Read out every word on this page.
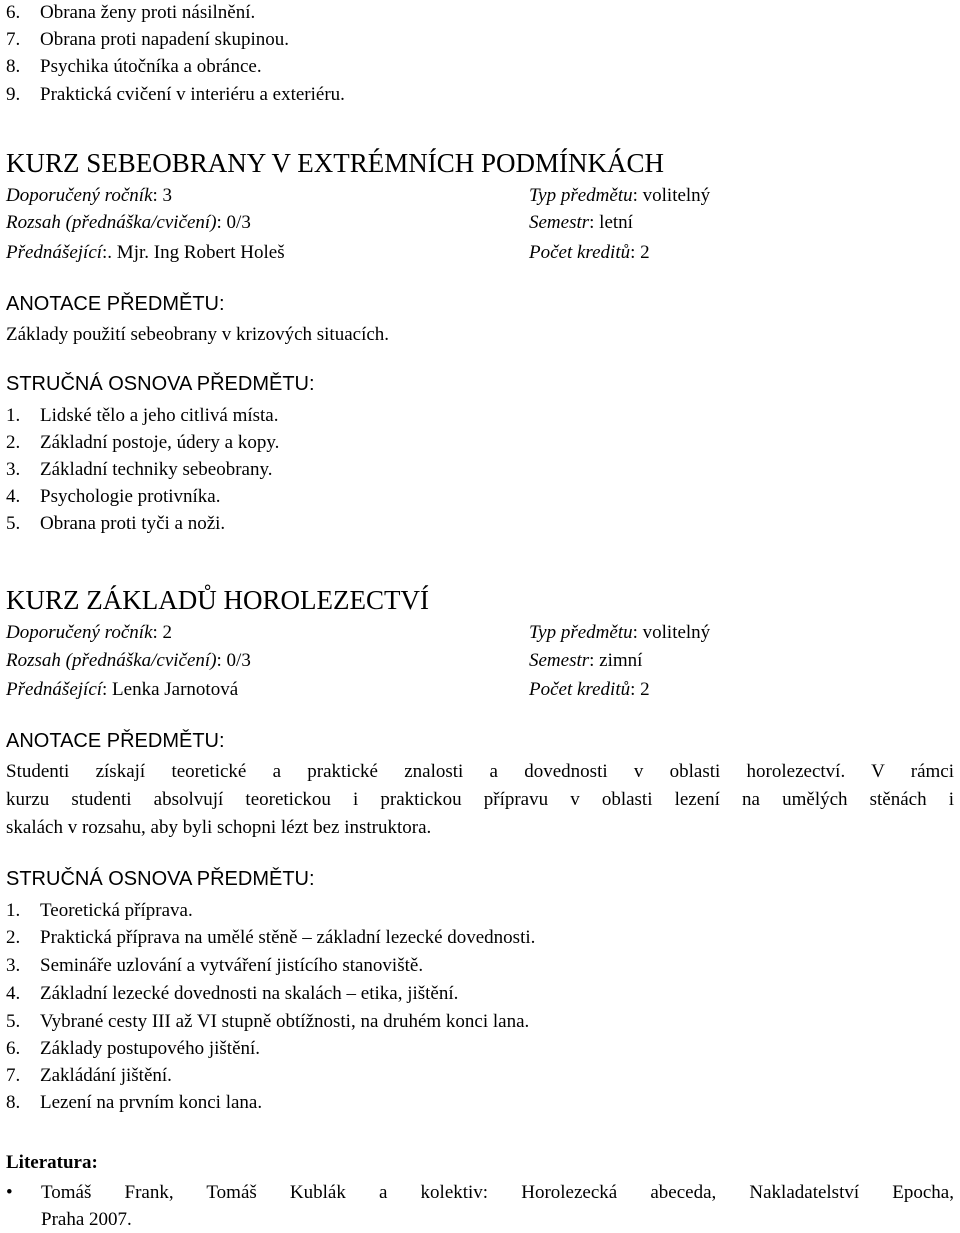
6. Obrana ženy proti násilnění.
7. Obrana proti napadení skupinou.
8. Psychika útočníka a obránce.
9. Praktická cvičení v interiéru a exteriéru.
KURZ SEBEOBRANY V EXTRÉMNÍCH PODMÍNKÁCH
Doporučený ročník: 3	Typ předmětu: volitelný
Rozsah (přednáška/cvičení): 0/3	Semestr: letní
Přednášející:. Mjr. Ing Robert Holeš	Počet kreditů: 2
ANOTACE PŘEDMĚTU:
Základy použití sebeobrany v krizových situacích.
STRUČNÁ OSNOVA PŘEDMĚTU:
1. Lidské tělo a jeho citlivá místa.
2. Základní postoje, údery a kopy.
3. Základní techniky sebeobrany.
4. Psychologie protivníka.
5. Obrana proti tyči a noži.
KURZ ZÁKLADŮ HOROLEZECTVÍ
Doporučený ročník: 2	Typ předmětu: volitelný
Rozsah (přednáška/cvičení): 0/3	Semestr: zimní
Přednášející: Lenka Jarnotová	Počet kreditů: 2
ANOTACE PŘEDMĚTU:
Studenti získají teoretické a praktické znalosti a dovednosti v oblasti horolezectví. V rámci
kurzu studenti absolvují teoretickou i praktickou přípravu v oblasti lezení na umělých stěnách i
skalách v rozsahu, aby byli schopni lézt bez instruktora.
STRUČNÁ OSNOVA PŘEDMĚTU:
1. Teoretická příprava.
2. Praktická příprava na umělé stěně – základní lezecké dovednosti.
3. Semináře uzlování a vytváření jistícího stanoviště.
4. Základní lezecké dovednosti na skalách – etika, jištění.
5. Vybrané cesty III až VI stupně obtížnosti, na druhém konci lana.
6. Základy postupového jištění.
7. Zakládání jištění.
8. Lezení na prvním konci lana.
Literatura:
• Tomáš Frank, Tomáš Kublák a kolektiv: Horolezecká abeceda, Nakladatelství Epocha,
Praha 2007.
